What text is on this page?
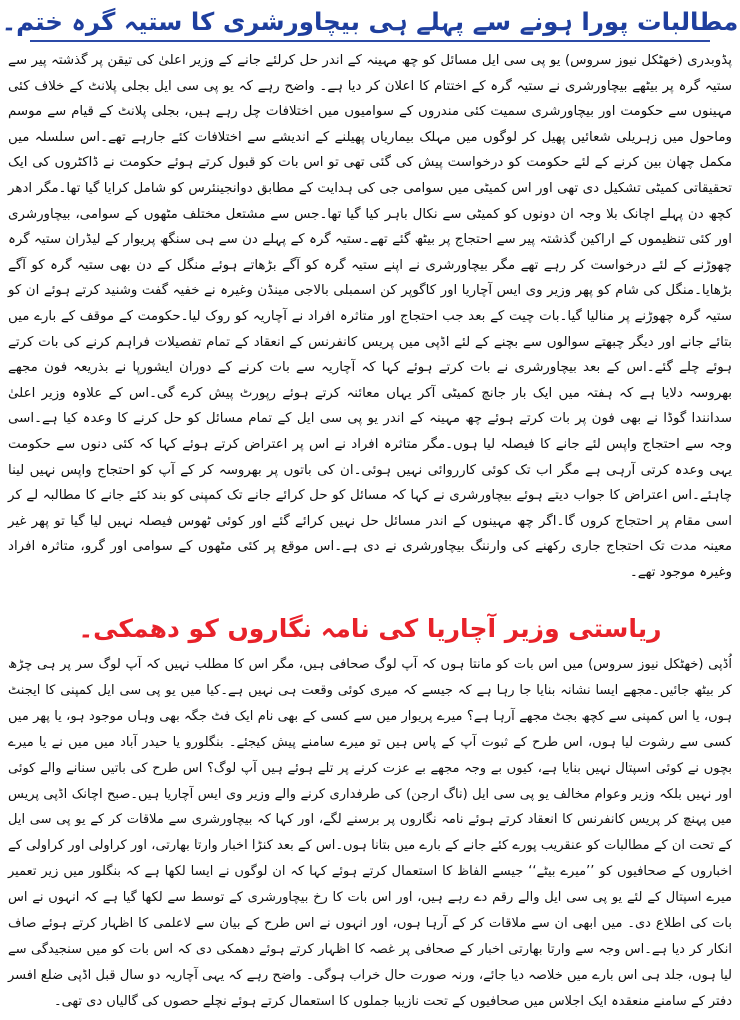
مطالبات پورا ہونے سے پہلے ہی بیچاورشری کا ستیہ گرہ ختم۔
پڈوبدری (خھٹکل نیوز سروس) یو پی سی ایل مسائل کو چھ مہینہ کے اندر حل کرلئے جانے کے وزیر اعلیٰ کی تیقن پر گذشتہ پیر سے ستیہ گرہ پر بیٹھے بیچاورشری نے ستیہ گرہ کے اختتام کا اعلان کر دیا ہے۔ واضح رہے کہ یو پی سی ایل بجلی پلانٹ کے خلاف کئی مہینوں سے حکومت اور بیچاورشری سمیت کئی مندروں کے سوامیوں میں اختلافات چل رہے ہیں، بجلی پلانٹ کے قیام سے موسم وماحول میں زہریلی شعائیں پھیل کر لوگوں میں مہلک بیماریاں پھیلنے کے اندیشے سے اختلافات کئے جارہے تھے۔اس سلسلہ میں مکمل چھان بین کرنے کے لئے حکومت کو درخواست پیش کی گئی تھی تو اس بات کو قبول کرتے ہوئے حکومت نے ڈاکٹروں کی ایک تحقیقاتی کمیٹی تشکیل دی تھی اور اس کمیٹی میں سوامی جی کی ہدایت کے مطابق دوانجینئرس کو شامل کرایا گیا تھا۔مگر ادھر کچھ دن پہلے اچانک بلا وجہ ان دونوں کو کمیٹی سے نکال باہر کیا گیا تھا۔جس سے مشتعل مختلف مٹھوں کے سوامی، بیچاورشری اور کئی تنظیموں کے اراکین گذشتہ پیر سے احتجاج پر بیٹھ گئے تھے۔ستیہ گرہ کے پہلے دن سے ہی سنگھ پریوار کے لیڈران ستیہ گرہ چھوڑنے کے لئے درخواست کر رہے تھے مگر بیچاورشری نے اپنے ستیہ گرہ کو آگے بڑھاتے ہوئے منگل کے دن بھی ستیہ گرہ کو آگے بڑھایا۔منگل کی شام کو پھر وزیر وی ایس آچاریا اور کاگوپر کن اسمبلی بالاجی مینڈن وغیرہ نے خفیہ گفت وشنید کرتے ہوئے ان کو ستیہ گرہ چھوڑنے پر منالیا گیا۔بات چیت کے بعد جب احتجاج اور متاثرہ افراد نے آچاریہ کو روک لیا۔حکومت کے موقف کے بارے میں بتائے جانے اور دیگر چبھتے سوالوں سے بچنے کے لئے اڈپی میں پریس کانفرنس کے انعقاد کے تمام تفصیلات فراہم کرنے کی بات کرتے ہوئے چلے گئے۔اس کے بعد بیچاورشری نے بات کرتے ہوئے کہا کہ آچاریہ سے بات کرنے کے دوران ایشورپا نے بذریعہ فون مجھے بھروسہ دلایا ہے کہ ہفتہ میں ایک بار جانچ کمیٹی آکر یہاں معائنہ کرتے ہوئے رپورٹ پیش کرے گی۔اس کے علاوہ وزیر اعلیٰ سدانندا گوڈا نے بھی فون پر بات کرتے ہوئے چھ مہینہ کے اندر یو پی سی ایل کے تمام مسائل کو حل کرنے کا وعدہ کیا ہے۔اسی وجہ سے احتجاج واپس لئے جانے کا فیصلہ لیا ہوں۔مگر متاثرہ افراد نے اس پر اعتراض کرتے ہوئے کہا کہ کئی دنوں سے حکومت یہی وعدہ کرتی آرہی ہے مگر اب تک کوئی کارروائی نہیں ہوئی۔ان کی باتوں پر بھروسہ کر کے آپ کو احتجاج واپس نہیں لینا چاہئے۔اس اعتراض کا جواب دیتے ہوئے بیچاورشری نے کہا کہ مسائل کو حل کرائے جانے تک کمپنی کو بند کئے جانے کا مطالبہ لے کر اسی مقام پر احتجاج کروں گا۔اگر چھ مہینوں کے اندر مسائل حل نہیں کرائے گئے اور کوئی ٹھوس فیصلہ نہیں لیا گیا تو پھر غیر معینہ مدت تک احتجاج جاری رکھنے کی وارننگ بیچاورشری نے دی ہے۔اس موقع پر کئی مٹھوں کے سوامی اور گرو، متاثرہ افراد وغیرہ موجود تھے۔
ریاستی وزیر آچاریا کی نامہ نگاروں کو دھمکی۔
اُڈپی (خھٹکل نیوز سروس) میں اس بات کو مانتا ہوں کہ آپ لوگ صحافی ہیں، مگر اس کا مطلب نہیں کہ آپ لوگ سر پر ہی چڑھ کر بیٹھ جائیں۔مجھے ایسا نشانہ بنایا جا رہا ہے کہ جیسے کہ میری کوئی وقعت ہی نہیں ہے۔کیا میں یو پی سی ایل کمپنی کا ایجنٹ ہوں، یا اس کمپنی سے کچھ بجٹ مجھے آرہا ہے؟ میرے پریوار میں سے کسی کے بھی نام ایک فٹ جگہ بھی وہاں موجود ہو، یا پھر میں کسی سے رشوت لیا ہوں، اس طرح کے ثبوت آپ کے پاس ہیں تو میرے سامنے پیش کیجئے۔ بنگلورو یا حیدر آباد میں میں نے یا میرے بچوں نے کوئی اسپتال نہیں بنایا ہے، کیوں بے وجہ مجھے بے عزت کرنے پر تلے ہوئے ہیں آپ لوگ؟ اس طرح کی باتیں سنانے والے کوئی اور نہیں بلکہ وزیر وعوام مخالف یو پی سی ایل (ناگ ارجن) کی طرفداری کرنے والے وزیر وی ایس آچاریا ہیں۔صبح اچانک اڈپی پریس میں پہنچ کر پریس کانفرنس کا انعقاد کرتے ہوئے نامہ نگاروں پر برسنے لگے، اور کہا کہ بیچاورشری سے ملاقات کر کے یو پی سی ایل کے تحت ان کے مطالبات کو عنقریب پورے کئے جانے کے بارے میں بتانا ہوں۔اس کے بعد کنڑا اخبار وارتا بھارتی، اور کراولی اور کراولی کے اخباروں کے صحافیوں کو ’’میرے بیٹے‘‘ جیسے الفاظ کا استعمال کرتے ہوئے کہا کہ ان لوگوں نے ایسا لکھا ہے کہ بنگلور میں زیر تعمیر میرے اسپتال کے لئے یو پی سی ایل والے رقم دے رہے ہیں، اور اس بات کا رخ بیچاورشری کے توسط سے لکھا گیا ہے کہ انہوں نے اس بات کی اطلاع دی۔ میں ابھی ان سے ملاقات کر کے آرہا ہوں، اور انہوں نے اس طرح کے بیان سے لاعلمی کا اظہار کرتے ہوئے صاف انکار کر دیا ہے۔اس وجہ سے وارتا بھارتی اخبار کے صحافی پر غصہ کا اظہار کرتے ہوئے دھمکی دی کہ اس بات کو میں سنجیدگی سے لیا ہوں، جلد ہی اس بارے میں خلاصہ دیا جائے، ورنہ صورت حال خراب ہوگی۔ واضح رہے کہ یہی آچاریہ دو سال قبل اڈپی ضلع افسر دفتر کے سامنے منعقدہ ایک اجلاس میں صحافیوں کے تحت نازیبا جملوں کا استعمال کرتے ہوئے نچلے حصوں کی گالیاں دی تھی۔
